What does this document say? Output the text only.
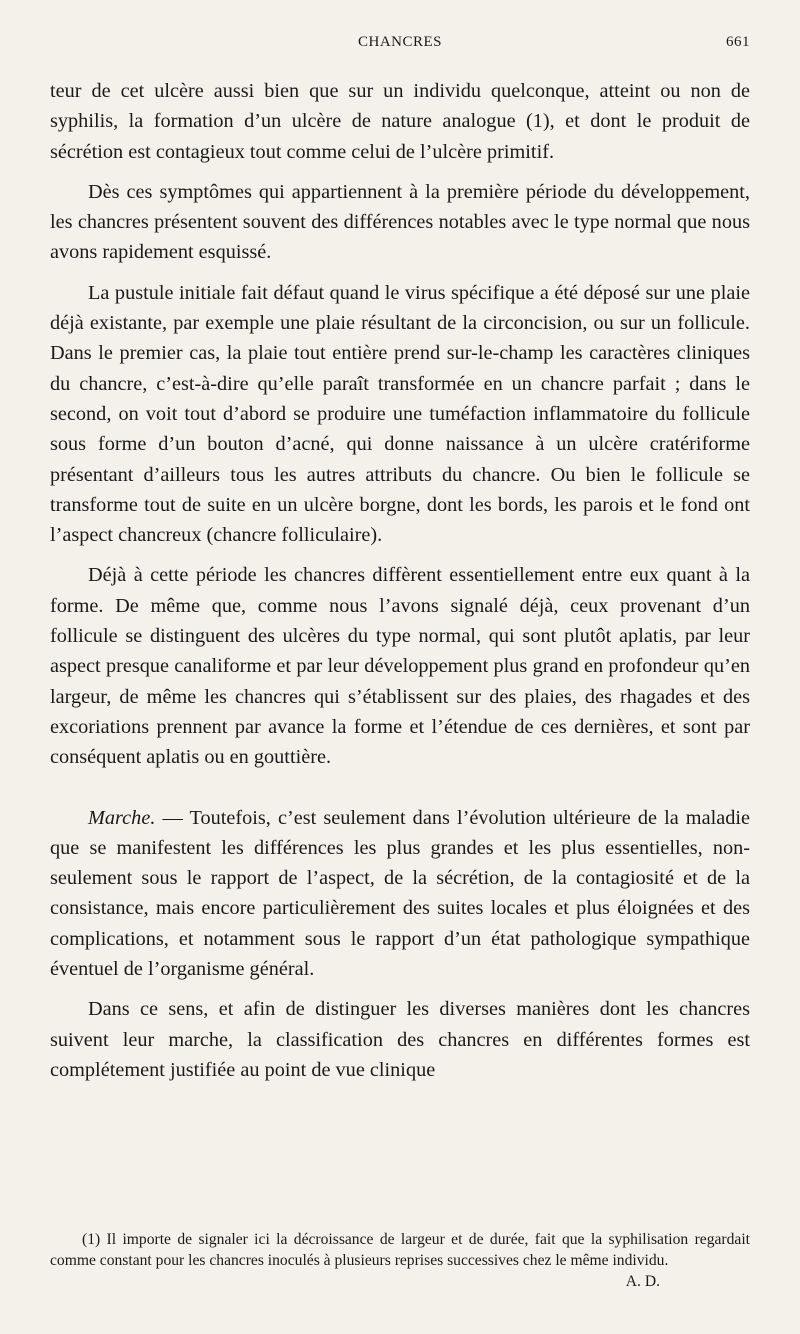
CHANCRES	661

teur de cet ulcère aussi bien que sur un individu quelconque, atteint ou non de syphilis, la formation d’un ulcère de nature analogue (1), et dont le produit de sécrétion est contagieux tout comme celui de l’ulcère primitif.

Dès ces symptômes qui appartiennent à la première période du développement, les chancres présentent souvent des différences notables avec le type normal que nous avons rapidement esquissé.

La pustule initiale fait défaut quand le virus spécifique a été déposé sur une plaie déjà existante, par exemple une plaie résultant de la circoncision, ou sur un follicule. Dans le premier cas, la plaie tout entière prend sur-le-champ les caractères cliniques du chancre, c’est-à-dire qu’elle paraît transformée en un chancre parfait ; dans le second, on voit tout d’abord se produire une tuméfaction inflammatoire du follicule sous forme d’un bouton d’acné, qui donne naissance à un ulcère cratériforme présentant d’ailleurs tous les autres attributs du chancre. Ou bien le follicule se transforme tout de suite en un ulcère borgne, dont les bords, les parois et le fond ont l’aspect chancreux (chancre folliculaire).

Déjà à cette période les chancres diffèrent essentiellement entre eux quant à la forme. De même que, comme nous l’avons signalé déjà, ceux provenant d’un follicule se distinguent des ulcères du type normal, qui sont plutôt aplatis, par leur aspect presque canaliforme et par leur développement plus grand en profondeur qu’en largeur, de même les chancres qui s’établissent sur des plaies, des rhagades et des excoriations prennent par avance la forme et l’étendue de ces dernières, et sont par conséquent aplatis ou en gouttière.

Marche. — Toutefois, c’est seulement dans l’évolution ultérieure de la maladie que se manifestent les différences les plus grandes et les plus essentielles, non-seulement sous le rapport de l’aspect, de la sécrétion, de la contagiosité et de la consistance, mais encore particulièrement des suites locales et plus éloignées et des complications, et notamment sous le rapport d’un état pathologique sympathique éventuel de l’organisme général.

Dans ce sens, et afin de distinguer les diverses manières dont les chancres suivent leur marche, la classification des chancres en différentes formes est complétement justifiée au point de vue clinique

(1) Il importe de signaler ici la décroissance de largeur et de durée, fait que la syphilisation regardait comme constant pour les chancres inoculés à plusieurs reprises successives chez le même individu.
A. D.
